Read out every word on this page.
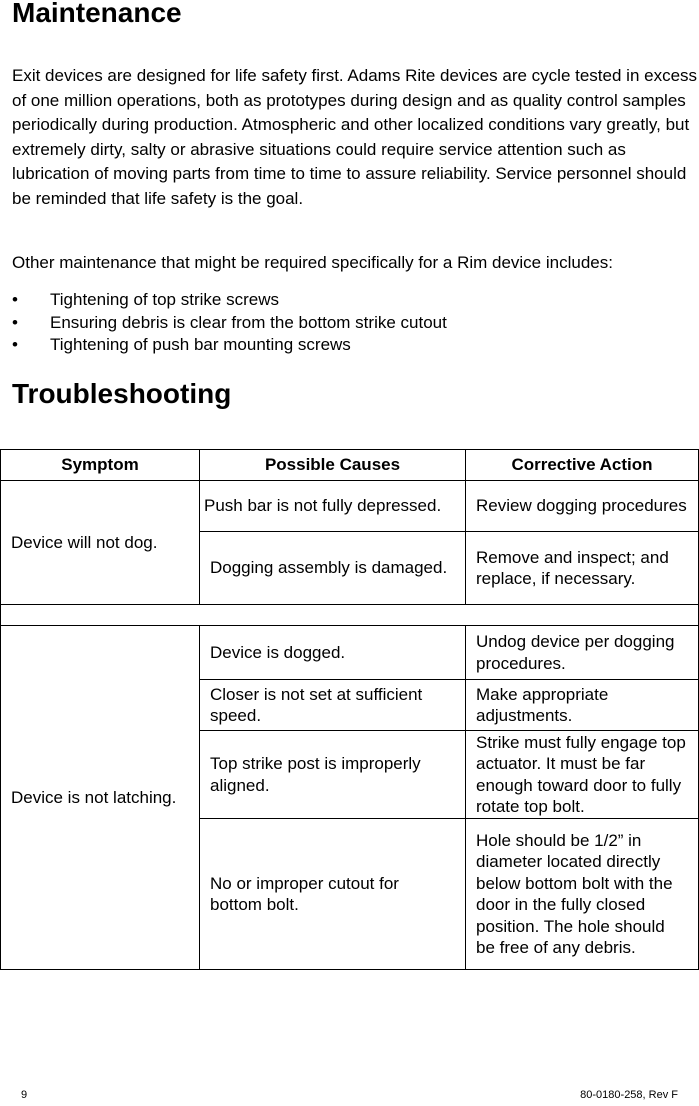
Maintenance

Exit devices are designed for life safety first. Adams Rite devices are cycle tested in excess of one million operations, both as prototypes during design and as quality control samples periodically during production. Atmospheric and other localized conditions vary greatly, but extremely dirty, salty or abrasive situations could require service attention such as lubrication of moving parts from time to time to assure reliability. Service personnel should be reminded that life safety is the goal.

Other maintenance that might be required specifically for a Rim device includes:

• Tightening of top strike screws
• Ensuring debris is clear from the bottom strike cutout
• Tightening of push bar mounting screws
Troubleshooting
Symptom	Possible Causes	Corrective Action
Device will not dog.	Push bar is not fully depressed.	Review dogging procedures
	Dogging assembly is damaged.	Remove and inspect; and replace, if necessary.

Device is not latching.	Device is dogged.	Undog device per dogging procedures.
	Closer is not set at sufficient speed.	Make appropriate adjustments.
	Top strike post is improperly aligned.	Strike must fully engage top actuator. It must be far enough toward door to fully rotate top bolt.
	No or improper cutout for bottom bolt.	Hole should be 1/2” in diameter located directly below bottom bolt with the door in the fully closed position. The hole should be free of any debris.
9	80-0180-258, Rev F
